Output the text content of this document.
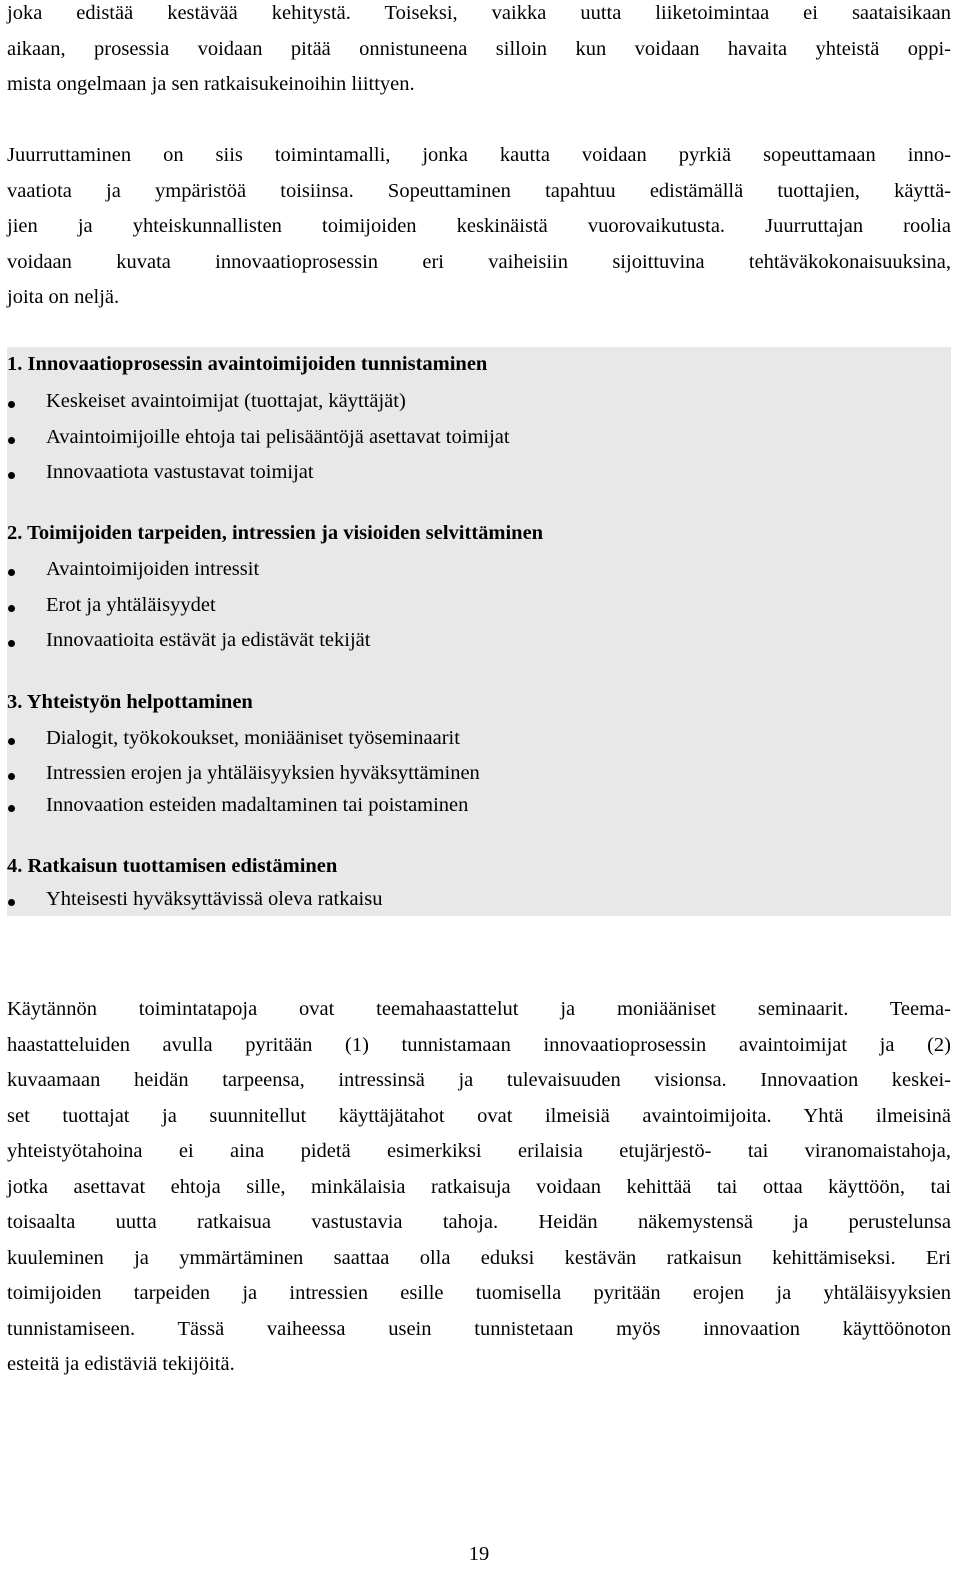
joka edistää kestävää kehitystä. Toiseksi, vaikka uutta liiketoimintaa ei saataisikaan
aikaan, prosessia voidaan pitää onnistuneena silloin kun voidaan havaita yhteistä oppi-
mista ongelmaan ja sen ratkaisukeinoihin liittyen.
Juurruttaminen on siis toimintamalli, jonka kautta voidaan pyrkiä sopeuttamaan inno-
vaatiota ja ympäristöä toisiinsa. Sopeuttaminen tapahtuu edistämällä tuottajien, käyttä-
jien ja yhteiskunnallisten toimijoiden keskinäistä vuorovaikutusta. Juurruttajan roolia
voidaan kuvata innovaatioprosessin eri vaiheisiin sijoittuvina tehtäväkokonaisuuksina,
joita on neljä.
1. Innovaatioprosessin avaintoimijoiden tunnistaminen
Keskeiset avaintoimijat (tuottajat, käyttäjät)
Avaintoimijoille ehtoja tai pelisääntöjä asettavat toimijat
Innovaatiota vastustavat toimijat
2. Toimijoiden tarpeiden, intressien ja visioiden selvittäminen
Avaintoimijoiden intressit
Erot ja yhtäläisyydet
Innovaatioita estävät ja edistävät tekijät
3. Yhteistyön helpottaminen
Dialogit, työkokoukset, moniääniset työseminaarit
Intressien erojen ja yhtäläisyyksien hyväksyttäminen
Innovaation esteiden madaltaminen tai poistaminen
4. Ratkaisun tuottamisen edistäminen
Yhteisesti hyväksyttävissä oleva ratkaisu
Käytännön toimintatapoja ovat teemahaastattelut ja moniääniset seminaarit. Teema-
haastatteluiden avulla pyritään (1) tunnistamaan innovaatioprosessin avaintoimijat ja (2)
kuvaamaan heidän tarpeensa, intressinsä ja tulevaisuuden visionsa. Innovaation keskei-
set tuottajat ja suunnitellut käyttäjätahot ovat ilmeisiä avaintoimijoita. Yhtä ilmeisinä
yhteistyötahoina ei aina pidetä esimerkiksi erilaisia etujärjestö- tai viranomaistahoja,
jotka asettavat ehtoja sille, minkälaisia ratkaisuja voidaan kehittää tai ottaa käyttöön, tai
toisaalta uutta ratkaisua vastustavia tahoja. Heidän näkemystensä ja perustelunsa
kuuleminen ja ymmärtäminen saattaa olla eduksi kestävän ratkaisun kehittämiseksi. Eri
toimijoiden tarpeiden ja intressien esille tuomisella pyritään erojen ja yhtäläisyyksien
tunnistamiseen. Tässä vaiheessa usein tunnistetaan myös innovaation käyttöönoton
esteitä ja edistäviä tekijöitä.
19
